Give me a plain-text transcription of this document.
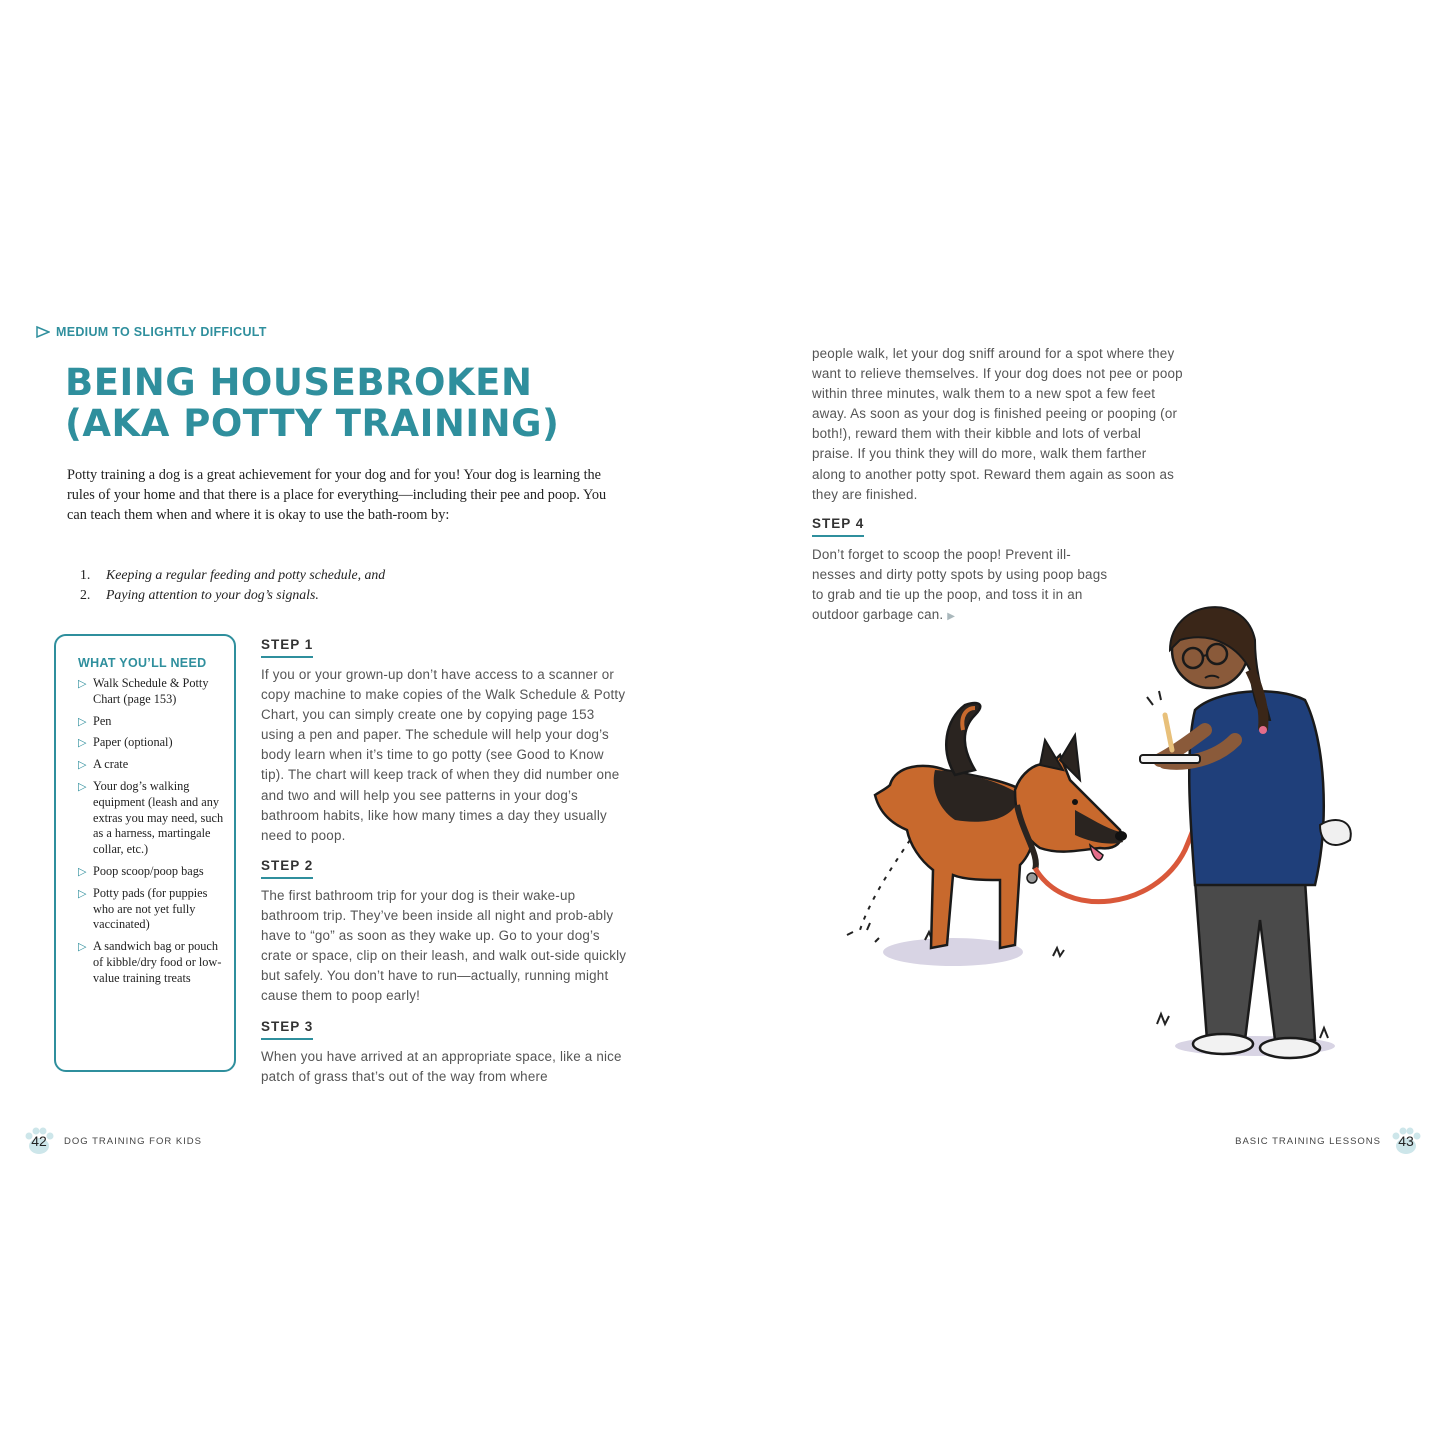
MEDIUM TO SLIGHTLY DIFFICULT
BEING HOUSEBROKEN
(AKA POTTY TRAINING)
Potty training a dog is a great achievement for your dog and for you! Your dog is learning the rules of your home and that there is a place for everything—including their pee and poop. You can teach them when and where it is okay to use the bath-room by:
1.	Keeping a regular feeding and potty schedule, and
2.	Paying attention to your dog’s signals.
WHAT YOU’LL NEED
▷ Walk Schedule & Potty Chart (page 153)
▷ Pen
▷ Paper (optional)
▷ A crate
▷ Your dog’s walking equipment (leash and any extras you may need, such as a harness, martingale collar, etc.)
▷ Poop scoop/poop bags
▷ Potty pads (for puppies who are not yet fully vaccinated)
▷ A sandwich bag or pouch of kibble/dry food or low-value training treats
STEP 1
If you or your grown-up don’t have access to a scanner or copy machine to make copies of the Walk Schedule & Potty Chart, you can simply create one by copying page 153 using a pen and paper. The schedule will help your dog’s body learn when it’s time to go potty (see Good to Know tip). The chart will keep track of when they did number one and two and will help you see patterns in your dog’s bathroom habits, like how many times a day they usually need to poop.
STEP 2
The first bathroom trip for your dog is their wake-up bathroom trip. They’ve been inside all night and prob-ably have to “go” as soon as they wake up. Go to your dog’s crate or space, clip on their leash, and walk out-side quickly but safely. You don’t have to run—actually, running might cause them to poop early!
STEP 3
When you have arrived at an appropriate space, like a nice patch of grass that’s out of the way from where
people walk, let your dog sniff around for a spot where they want to relieve themselves. If your dog does not pee or poop within three minutes, walk them to a new spot a few feet away. As soon as your dog is finished peeing or pooping (or both!), reward them with their kibble and lots of verbal praise. If you think they will do more, walk them farther along to another potty spot. Reward them again as soon as they are finished.
STEP 4
Don’t forget to scoop the poop! Prevent ill-nesses and dirty potty spots by using poop bags to grab and tie up the poop, and toss it in an outdoor garbage can. ▶
42 DOG TRAINING FOR KIDS	BASIC TRAINING LESSONS 43
